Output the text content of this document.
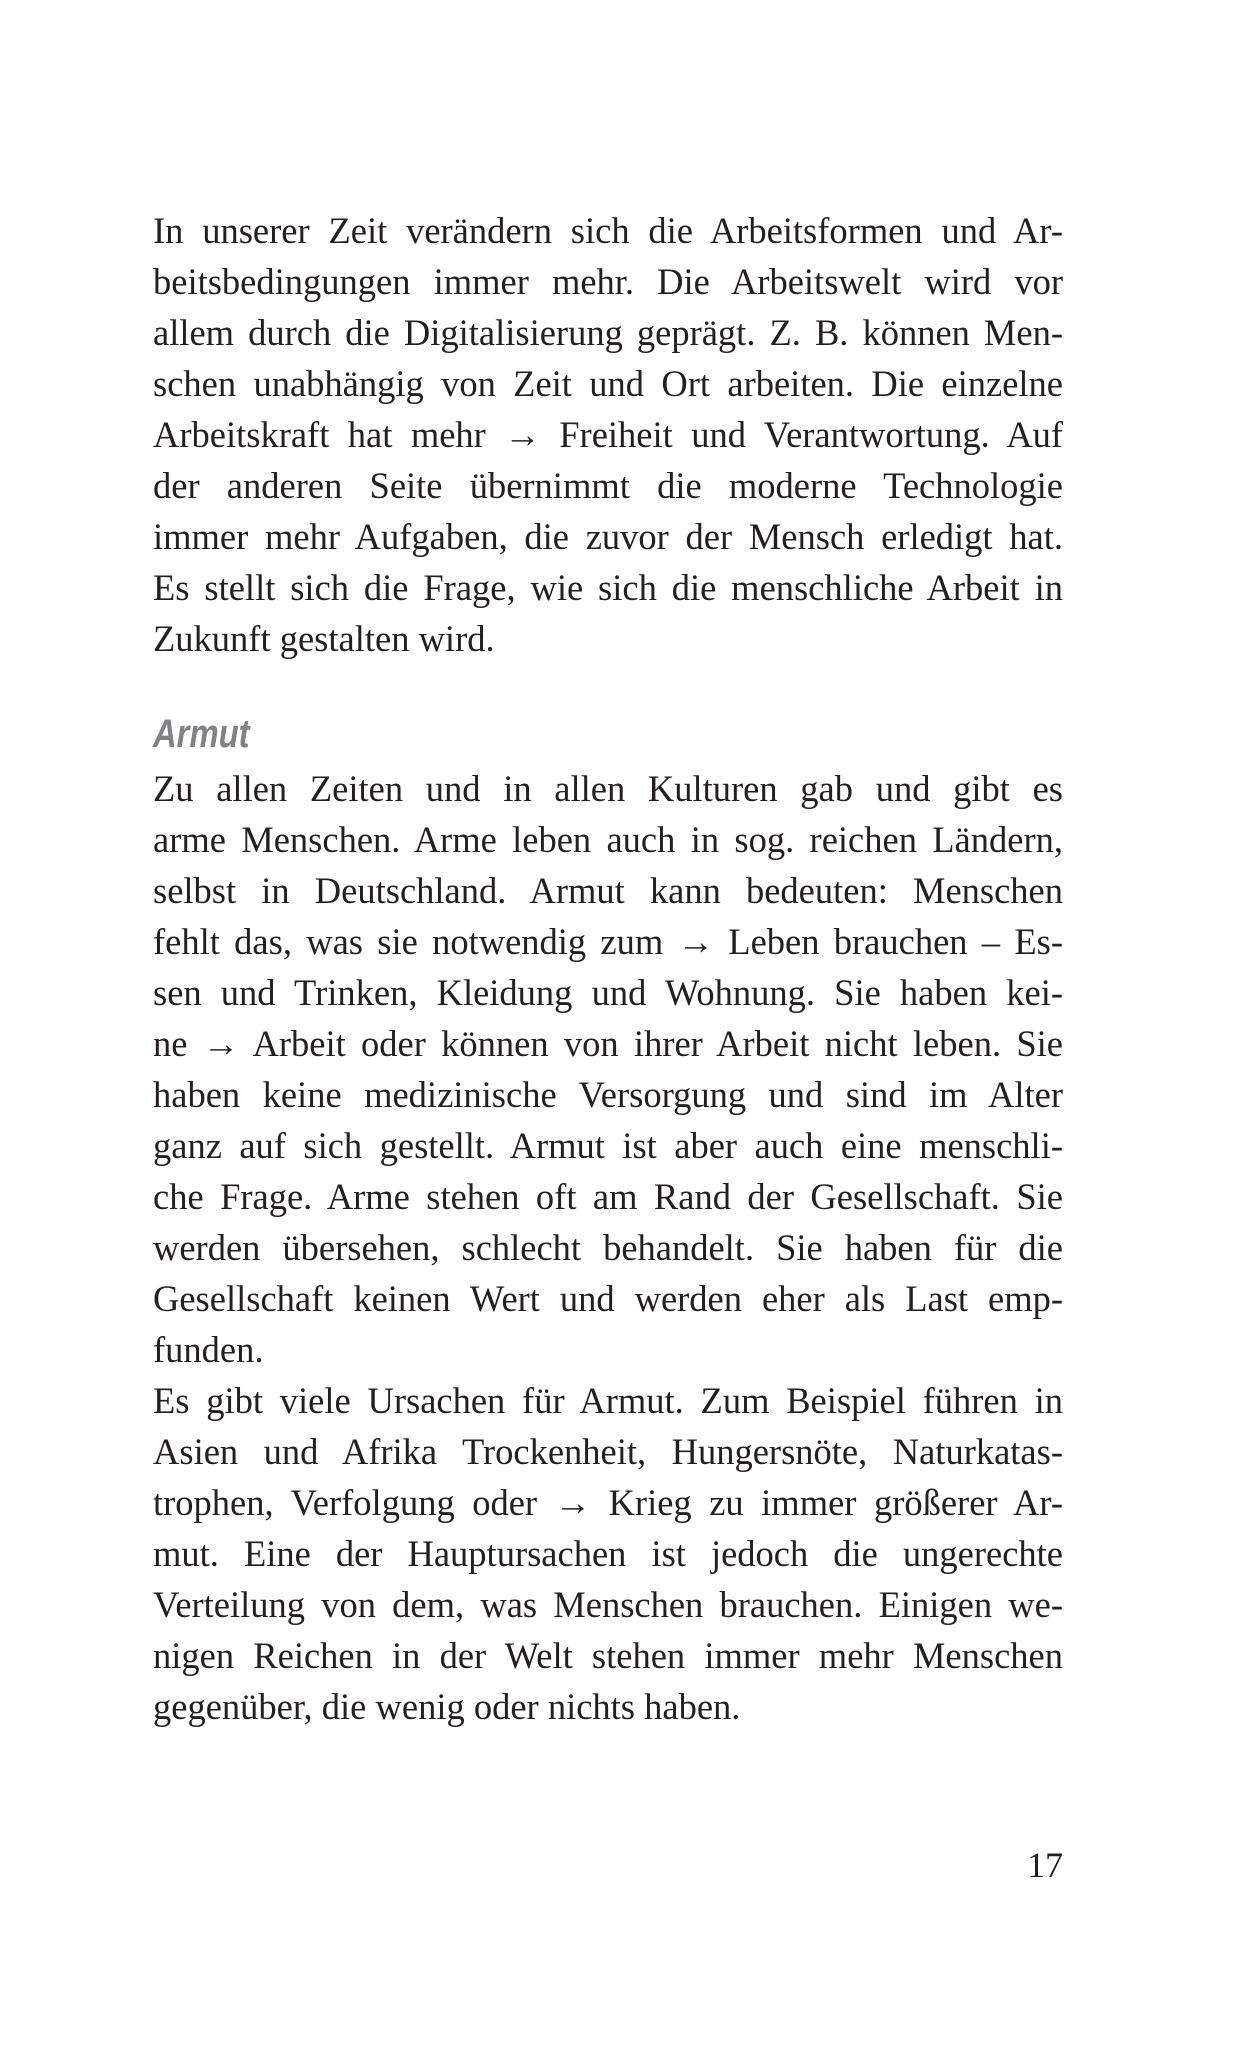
In unserer Zeit verändern sich die Arbeitsformen und Ar-
beitsbedingungen immer mehr. Die Arbeitswelt wird vor
allem durch die Digitalisierung geprägt. Z. B. können Men-
schen unabhängig von Zeit und Ort arbeiten. Die einzelne
Arbeitskraft hat mehr → Freiheit und Verantwortung. Auf
der anderen Seite übernimmt die moderne Technologie
immer mehr Aufgaben, die zuvor der Mensch erledigt hat.
Es stellt sich die Frage, wie sich die menschliche Arbeit in
Zukunft gestalten wird.
Armut
Zu allen Zeiten und in allen Kulturen gab und gibt es
arme Menschen. Arme leben auch in sog. reichen Ländern,
selbst in Deutschland. Armut kann bedeuten: Menschen
fehlt das, was sie notwendig zum → Leben brauchen – Es-
sen und Trinken, Kleidung und Wohnung. Sie haben kei-
ne → Arbeit oder können von ihrer Arbeit nicht leben. Sie
haben keine medizinische Versorgung und sind im Alter
ganz auf sich gestellt. Armut ist aber auch eine menschli-
che Frage. Arme stehen oft am Rand der Gesellschaft. Sie
werden übersehen, schlecht behandelt. Sie haben für die
Gesellschaft keinen Wert und werden eher als Last emp-
funden.
Es gibt viele Ursachen für Armut. Zum Beispiel führen in
Asien und Afrika Trockenheit, Hungersnöte, Naturkatas-
trophen, Verfolgung oder → Krieg zu immer größerer Ar-
mut. Eine der Hauptursachen ist jedoch die ungerechte
Verteilung von dem, was Menschen brauchen. Einigen we-
nigen Reichen in der Welt stehen immer mehr Menschen
gegenüber, die wenig oder nichts haben.
17
